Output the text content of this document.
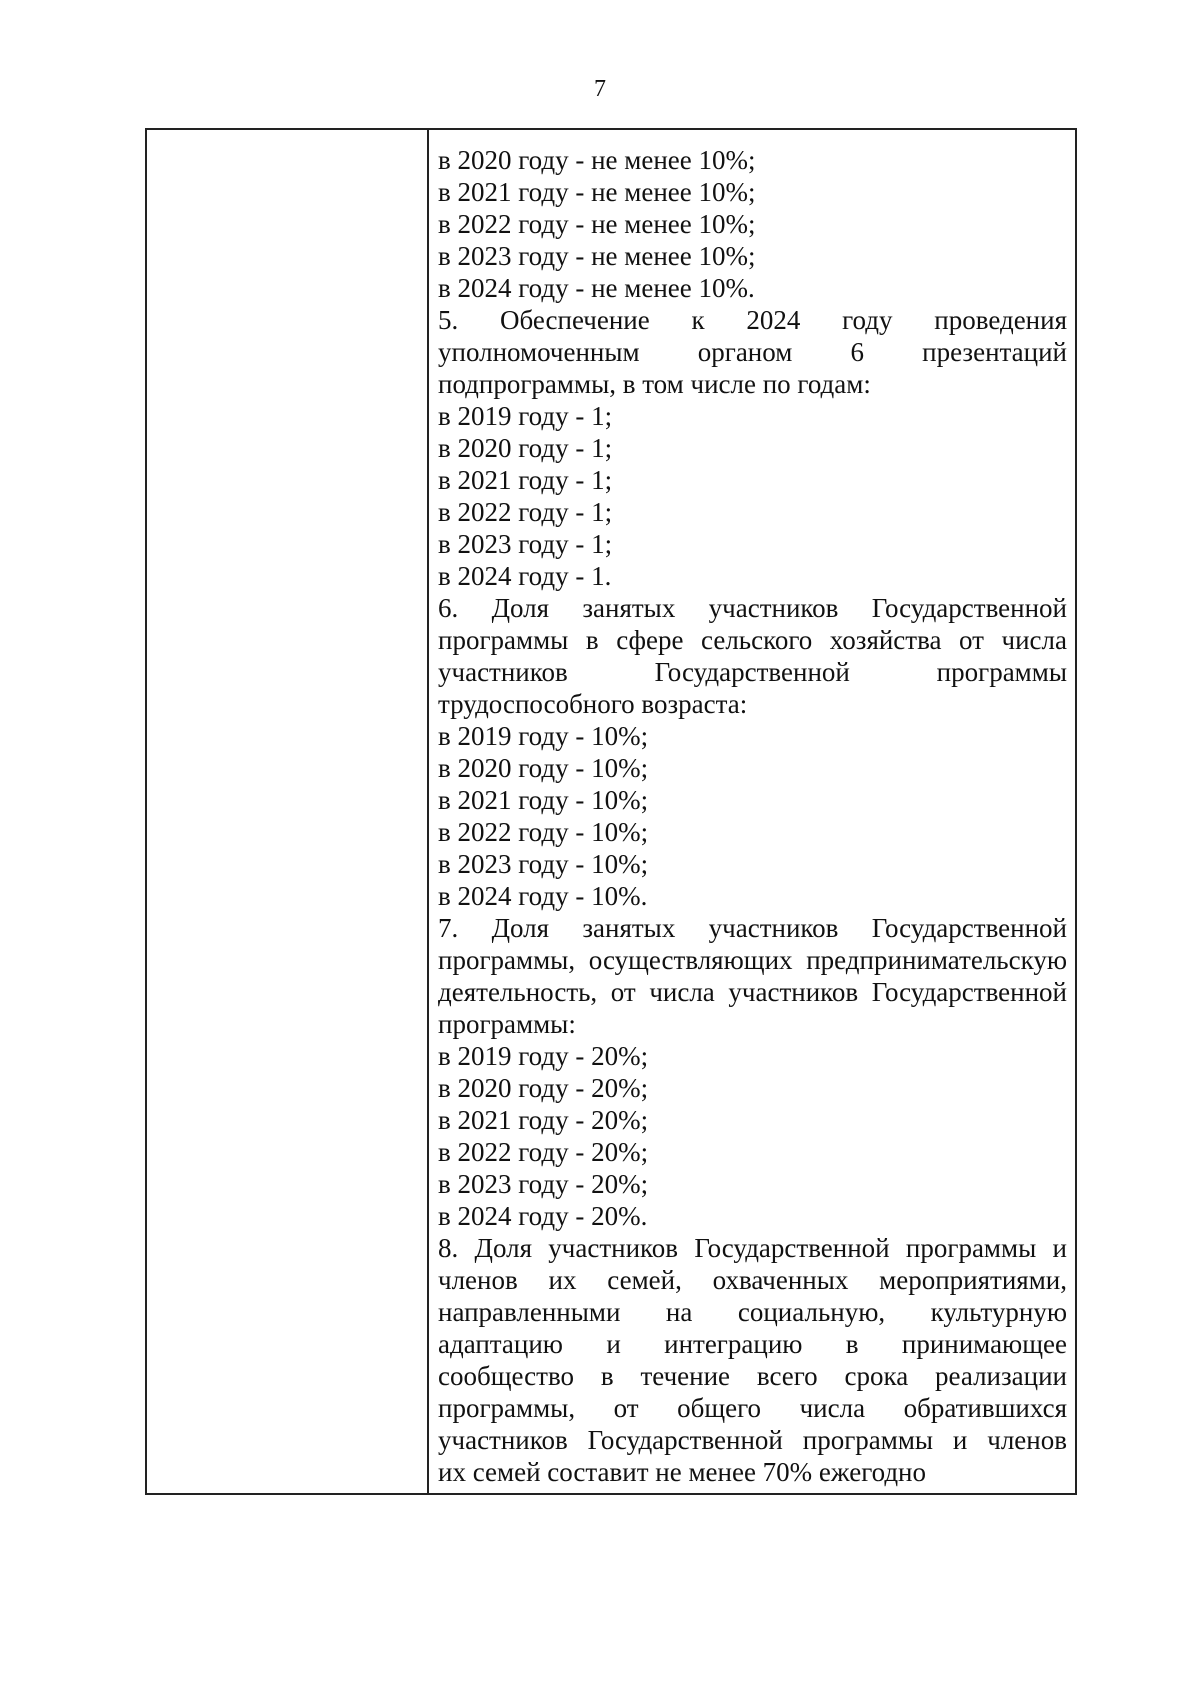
7
в 2020 году - не менее 10%;
в 2021 году - не менее 10%;
в 2022 году - не менее 10%;
в 2023 году - не менее 10%;
в 2024 году - не менее 10%.
5. Обеспечение к 2024 году проведения
уполномоченным органом 6 презентаций
подпрограммы, в том числе по годам:
в 2019 году - 1;
в 2020 году - 1;
в 2021 году - 1;
в 2022 году - 1;
в 2023 году - 1;
в 2024 году - 1.
6. Доля занятых участников Государственной
программы в сфере сельского хозяйства от числа
участников Государственной программы
трудоспособного возраста:
в 2019 году - 10%;
в 2020 году - 10%;
в 2021 году - 10%;
в 2022 году - 10%;
в 2023 году - 10%;
в 2024 году - 10%.
7. Доля занятых участников Государственной
программы, осуществляющих предпринимательскую
деятельность, от числа участников Государственной
программы:
в 2019 году - 20%;
в 2020 году - 20%;
в 2021 году - 20%;
в 2022 году - 20%;
в 2023 году - 20%;
в 2024 году - 20%.
8. Доля участников Государственной программы и
членов их семей, охваченных мероприятиями,
направленными на социальную, культурную
адаптацию и интеграцию в принимающее
сообщество в течение всего срока реализации
программы, от общего числа обратившихся
участников Государственной программы и членов
их семей составит не менее 70% ежегодно
